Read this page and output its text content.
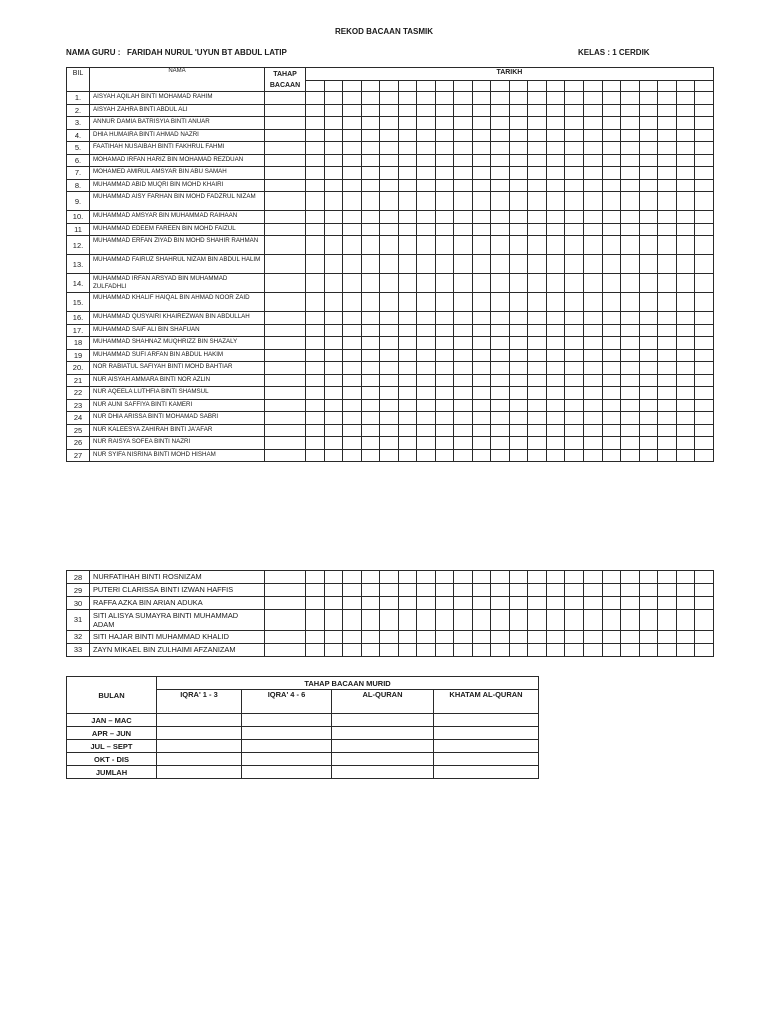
REKOD BACAAN TASMIK
NAMA GURU :   FARIDAH NURUL 'UYUN BT ABDUL LATIP	KELAS : 1 CERDIK
BIL	NAMA	TAHAP BACAAN	TARIKH																					

1.	AISYAH AQILAH BINTI MOHAMAD RAHIM																							
2.	AISYAH ZAHRA BINTI ABDUL ALI																							
3.	ANNUR DAMIA BATRISYIA BINTI ANUAR																							
4.	DHIA HUMAIRA BINTI AHMAD NAZRI																							
5.	FAATIHAH NUSAIBAH BINTI FAKHRUL FAHMI																							
6.	MOHAMAD IRFAN HARIZ BIN MOHAMAD REZDUAN																							
7.	MOHAMED AMIRUL AMSYAR BIN ABU SAMAH																							
8.	MUHAMMAD ABID MUQRI BIN MOHD KHAIRI																							
9.	MUHAMMAD AISY FARHAN BIN MOHD FADZRUL NIZAM																							
10.	MUHAMMAD AMSYAR BIN MUHAMMAD RAIHAAN																							
11	MUHAMMAD EDEEM FAREEN BIN MOHD FAIZUL																							
12.	MUHAMMAD ERFAN ZIYAD BIN MOHD SHAHIR RAHMAN																							
13.	MUHAMMAD FAIRUZ SHAHRUL NIZAM BIN ABDUL HALIM																							
14.	MUHAMMAD IRFAN ARSYAD BIN MUHAMMAD ZULFADHLI																							
15.	MUHAMMAD KHALIF HAIQAL BIN AHMAD NOOR ZAID																							
16.	MUHAMMAD QUSYAIRI KHAIREZWAN BIN ABDULLAH																							
17.	MUHAMMAD SAIF ALI BIN SHAFUAN																							
18	MUHAMMAD SHAHNAZ MUQHRIZZ BIN SHAZALY																							
19	MUHAMMAD SUFI ARFAN BIN ABDUL HAKIM																							
20.	NOR RABIATUL SAFIYAH BINTI MOHD BAHTIAR																							
21	NUR AISYAH AMMARA BINTI NOR AZLIN																							
22	NUR AQEELA LUTHFIA BINTI SHAMSUL																							
23	NUR AUNI SAFFIYA BINTI KAMERI																							
24	NUR DHIA ARISSA BINTI MOHAMAD SABRI																							
25	NUR KALEESYA ZAHIRAH BINTI JA'AFAR																							
26	NUR RAISYA SOFEA BINTI NAZRI																							
27	NUR SYIFA NISRINA BINTI MOHD HISHAM																							
28	NURFATIHAH BINTI ROSNIZAM																							
29	PUTERI CLARISSA BINTI IZWAN HAFFIS																							
30	RAFFA AZKA BIN ARIAN ADUKA																							
31	SITI ALISYA SUMAYRA BINTI MUHAMMAD ADAM																							
32	SITI HAJAR BINTI MUHAMMAD KHALID																							
33	ZAYN MIKAEL BIN ZULHAIMI AFZANIZAM																							
BULAN	TAHAP BACAAN MURID			
	IQRA' 1 - 3	IQRA' 4 - 6	AL-QURAN	KHATAM AL-QURAN
JAN – MAC				
APR – JUN				
JUL – SEPT				
OKT - DIS				
JUMLAH				
